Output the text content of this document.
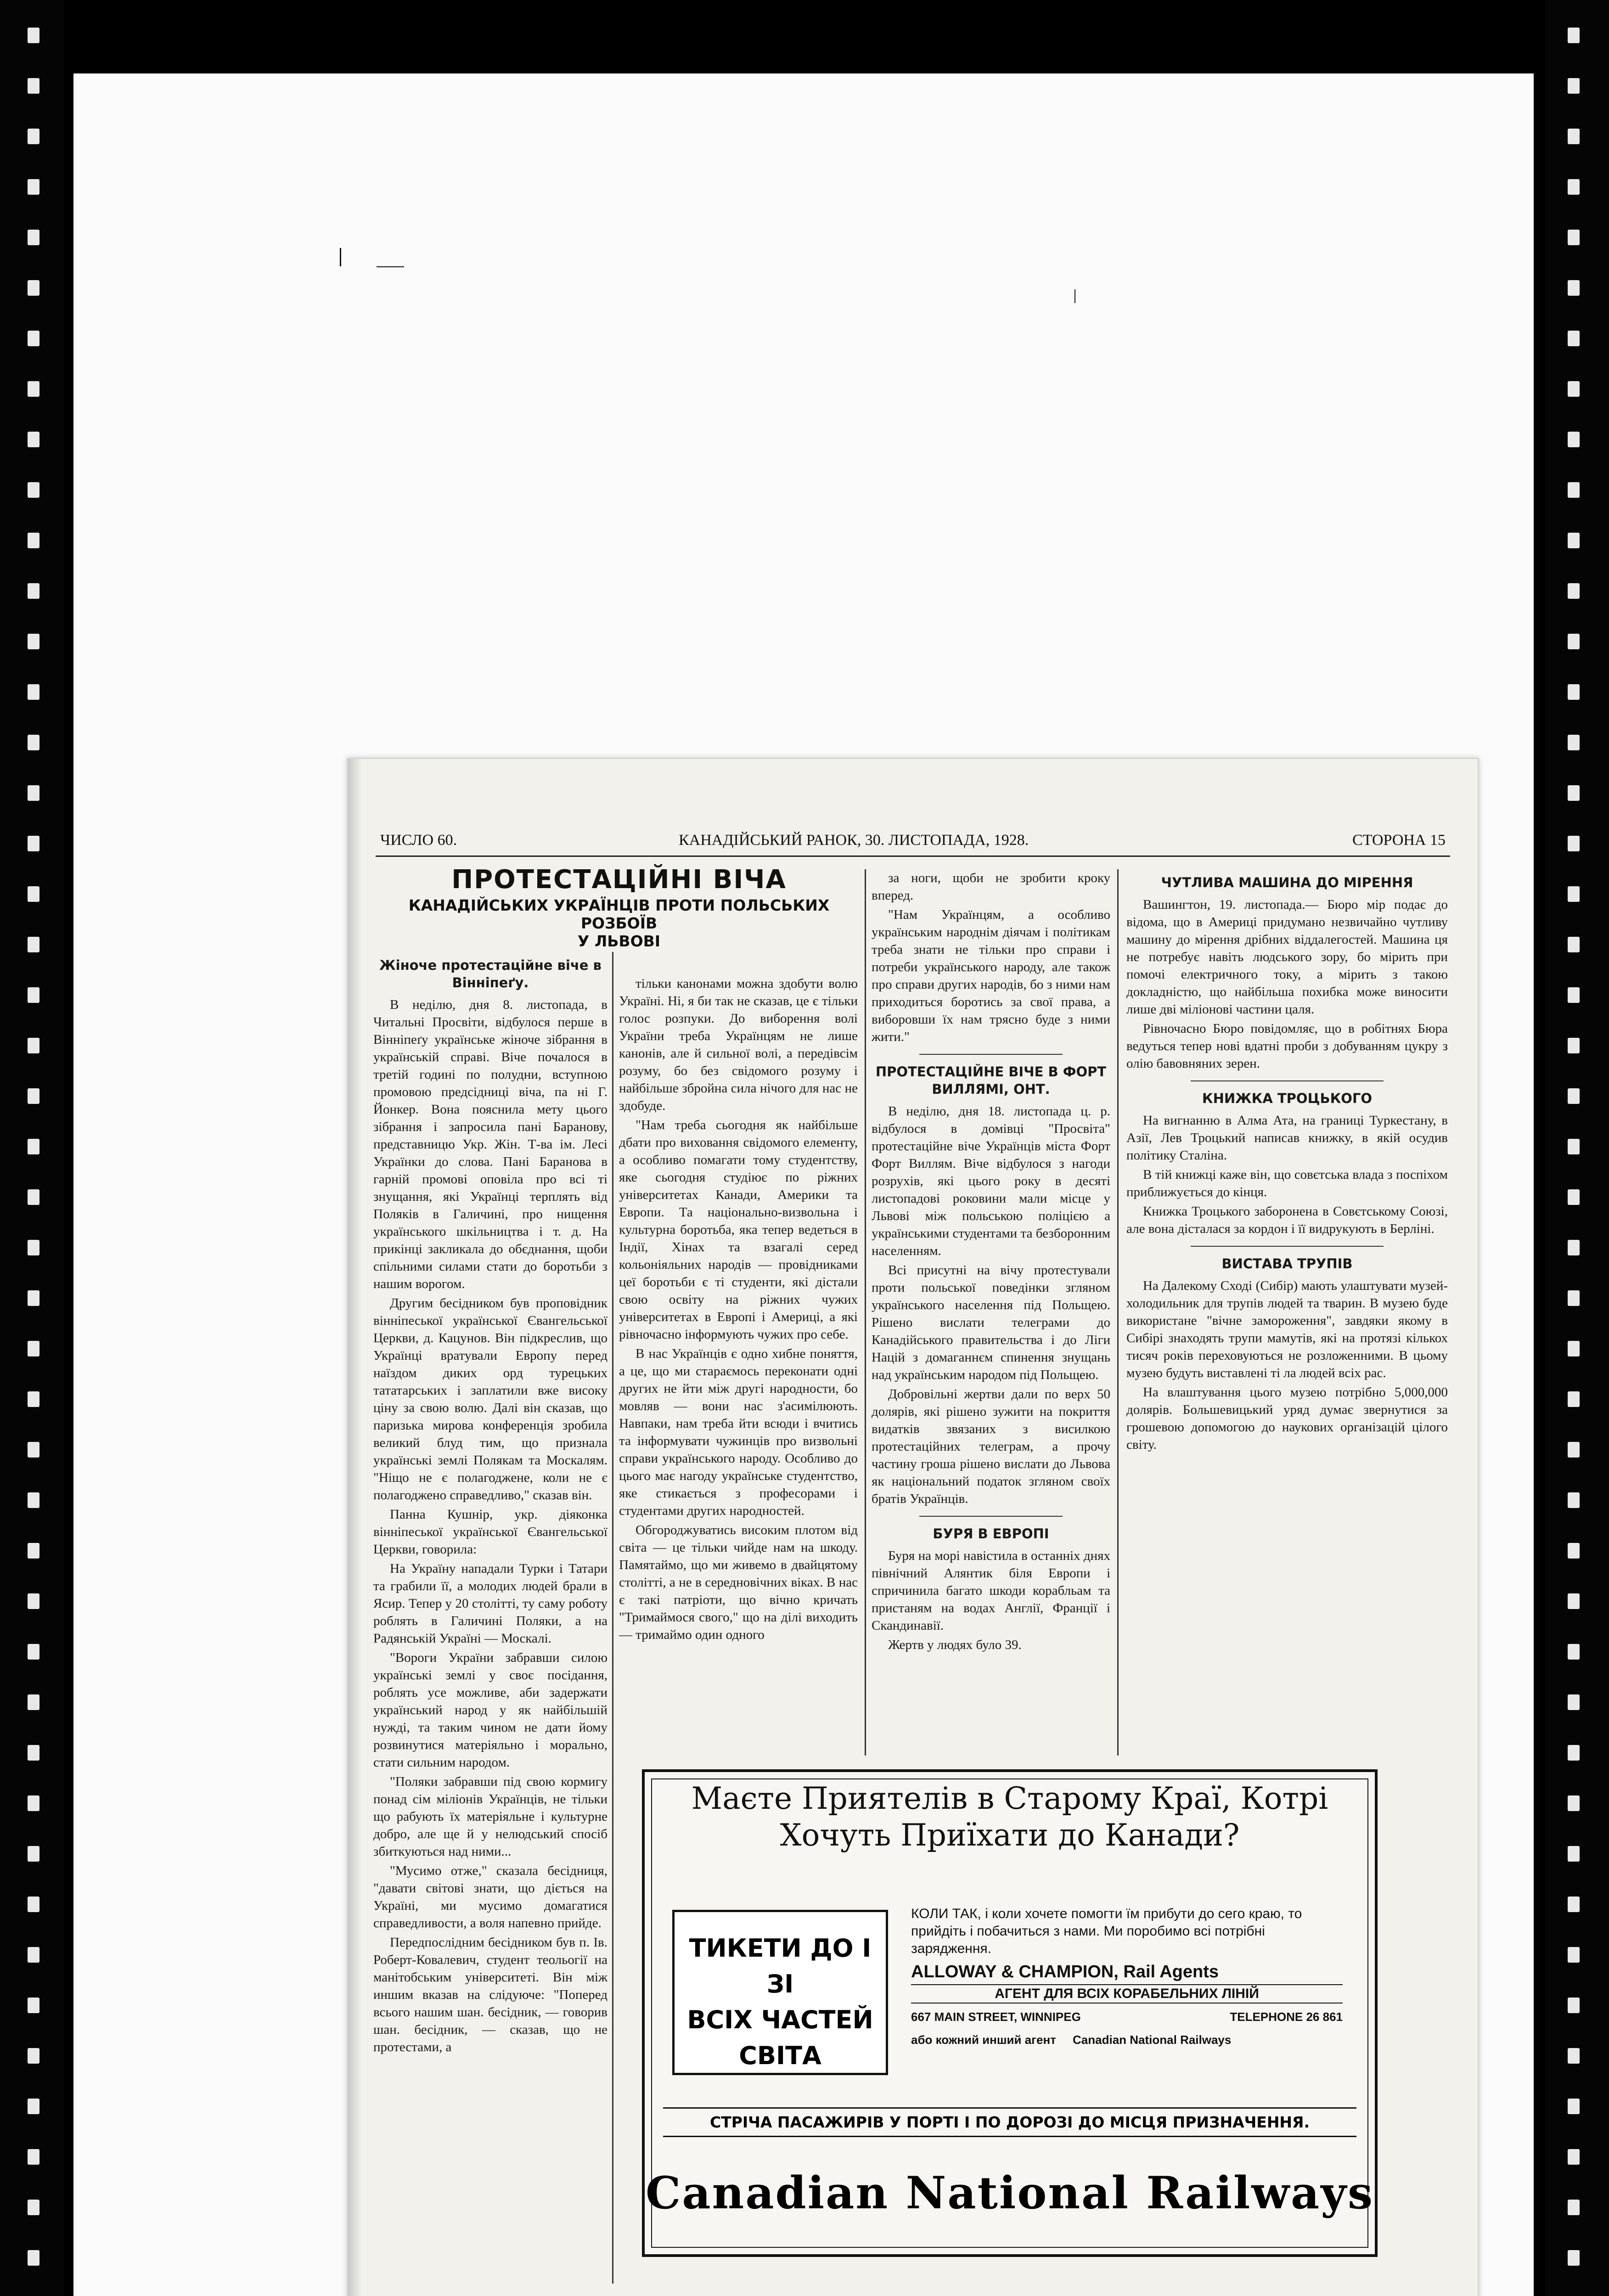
ЧИСЛО 60.	КАНАДІЙСЬКИЙ РАНОК, 30. ЛИСТОПАДА, 1928.	СТОРОНА 15
ПРОТЕСТАЦІЙНІ ВІЧА
КАНАДІЙСЬКИХ УКРАЇНЦІВ ПРОТИ ПОЛЬСЬКИХ РОЗБОЇВ
У ЛЬВОВІ
Жіноче протестаційне віче в Вінніпеґу.

В неділю, дня 8. листопада, в Читальні Просвіти, відбулося перше в Вінніпеґу українське жіноче зібрання в українській справі. Віче почалося в третій годині по полудни, вступною промовою предсідниці віча, па ні Г. Йонкер. Вона пояснила мету цього зібрання і запросила пані Баранову, представницю Укр. Жін. Т-ва ім. Лесі Українки до слова. Пані Баранова в гарній промові оповіла про всі ті знущання, які Українці терплять від Поляків в Галичині, про нищення українського шкільництва і т. д. На прикінці закликала до обєднання, щоби спільними силами стати до боротьби з нашим ворогом.

Другим бесідником був проповідник вінніпеської української Євангельської Церкви, д. Кацунов. Він підкреслив, що Українці вратували Европу перед наїздом диких орд турецьких тататарських і заплатили вже високу ціну за свою волю. Далі він сказав, що паризька мирова конференція зробила великий блуд тим, що признала українські землі Полякам та Москалям. "Ніщо не є полагоджене, коли не є полагоджено справедливо," сказав він.

Панна Кушнір, укр. діяконка вінніпеської української Євангельської Церкви, говорила:

На Україну нападали Турки і Татари та грабили її, а молодих людей брали в Ясир. Тепер у 20 столітті, ту саму роботу роблять в Галичині Поляки, а на Радянській Україні — Москалі.

"Вороги України забравши силою українські землі у своє посідання, роблять усе можливе, аби задержати український народ у як найбільшій нужді, та таким чином не дати йому розвинутися матеріяльно і морально, стати сильним народом.

"Поляки забравши під свою кормигу понад сім міліонів Українців, не тільки що рабують їх матеріяльне і культурне добро, але ще й у нелюдський спосіб збиткуються над ними...

"Мусимо отже," сказала бесідниця, "давати світові знати, що діється на Україні, ми мусимо домагатися справедливости, а воля напевно прийде.

Передпослідним бесідником був п. Ів. Роберт-Ковалевич, студент теольогії на манітобським університеті. Він між иншим вказав на слідуюче: "Поперед всього нашим шан. бесідник, — говорив шан. бесідник, — сказав, що не протестами, а

тільки канонами можна здобути волю Україні. Ні, я би так не сказав, це є тільки голос розпуки. До виборення волі України треба Українцям не лише канонів, але й сильної волі, а передівсім розуму, бо без свідомого розуму і найбільше збройна сила нічого для нас не здобуде.

"Нам треба сьогодня як найбільше дбати про виховання свідомого елементу, а особливо помагати тому студентству, яке сьогодня студіює по ріжних університетах Канади, Америки та Европи. Та національно-визвольна і культурна боротьба, яка тепер ведеться в Індії, Хінах та взагалі серед кольоніяльних народів — провідниками цеї боротьби є ті студенти, які дістали свою освіту на ріжних чужих університетах в Европі і Америці, а які рівночасно інформують чужих про себе.

В нас Українців є одно хибне поняття, а це, що ми стараємось переконати одні других не йти між другі народности, бо мовляв — вони нас з'асимілюють. Навпаки, нам треба йти всюди і вчитись та інформувати чужинців про визвольні справи українського народу. Особливо до цього має нагоду українське студентство, яке стикається з професорами і студентами других народностей.

Обгороджуватись високим плотом від світа — це тільки чийде нам на шкоду. Памятаймо, що ми живемо в двайцятому столітті, а не в середновічних віках. В нас є такі патріоти, що вічно кричать "Тримаймося свого," що на ділі виходить — тримаймо один одного

за ноги, щоби не зробити кроку вперед.

"Нам Українцям, а особливо українським народнім діячам і політикам треба знати не тільки про справи і потреби українського народу, але також про справи других народів, бо з ними нам приходиться боротись за свої права, а виборовши їх нам трясно буде з ними жити."

ПРОТЕСТАЦІЙНЕ ВІЧЕ В ФОРТ ВИЛЛЯМІ, ОНТ.

В неділю, дня 18. листопада ц. р. відбулося в домівці "Просвіта" протестаційне віче Українців міста Форт Форт Виллям. Віче відбулося з нагоди розрухів, які цього року в десяті листопадові роковини мали місце у Львові між польською поліцією а українськими студентами та безборонним населенням.

Всі присутні на вічу протестували проти польської поведінки згляном українського населення під Польщею. Рішено вислати телеграми до Канадійського правительства і до Ліги Націй з домаганнєм спинення знущань над українським народом під Польщею.

Добровільні жертви дали по верх 50 долярів, які рішено зужити на покриття видатків звязаних з висилкою протестаційних телеграм, а прочу частину гроша рішено вислати до Львова як національний податок згляном своїх братів Українців.

БУРЯ В ЕВРОПІ

Буря на морі навістила в останніх днях північний Алянтик біля Европи і спричинила багато шкоди корабльам та пристаням на водах Англії, Франції і Скандинавії.

Жертв у людях було 39.

ЧУТЛИВА МАШИНА ДО МІРЕННЯ

Вашингтон, 19. листопада.— Бюро мір подає до відома, що в Америці придумано незвичайно чутливу машину до мірення дрібних віддалегостей. Машина ця не потребує навіть людського зору, бо мірить при помочі електричного току, а мірить з такою докладністю, що найбільша похибка може виносити лише дві міліонові частини цаля.

Рівночасно Бюро повідомляє, що в робітнях Бюра ведуться тепер нові вдатні проби з добуванням цукру з олію бавовняних зерен.

КНИЖКА ТРОЦЬКОГО

На вигнанню в Алма Ата, на границі Туркестану, в Азії, Лев Троцький написав книжку, в якій осудив політику Сталіна.

В тій книжці каже він, що совєтська влада з поспіхом приближується до кінця.

Книжка Троцького заборонена в Совєтському Союзі, але вона дісталася за кордон і її видрукують в Берліні.

ВИСТАВА ТРУПІВ

На Далекому Сході (Сибір) мають улаштувати музей-холодильник для трупів людей та тварин. В музею буде використане "вічне замороження", завдяки якому в Сибірі знаходять трупи мамутів, які на протязі кількох тисяч років переховуються не розложенними. В цьому музею будуть виставлені ті ла людей всіх рас.

На влаштування цього музею потрібно 5,000,000 долярів. Большевицький уряд думає звернутися за грошевою допомогою до наукових організацій цілого світу.

Маєте Приятелів в Старому Краї, Котрі
Хочуть Приїхати до Канади?
ТИКЕТИ ДО І ЗІ
ВСІХ ЧАСТЕЙ
СВІТА
КОЛИ ТАК, і коли хочете помогти їм прибути до сего краю, то прийдіть і побачиться з нами. Ми поробимо всі потрібні зарядження.
ALLOWAY & CHAMPION, Rail Agents
АГЕНТ ДЛЯ ВСІХ КОРАБЕЛЬНИХ ЛІНІЙ
667 MAIN STREET, WINNIPEG	TELEPHONE 26 861
або кожний инший агент Canadian National Railways
СТРІЧА ПАСАЖИРІВ У ПОРТІ І ПО ДОРОЗІ ДО МІСЦЯ ПРИЗНАЧЕННЯ.
Canadian National Railways
